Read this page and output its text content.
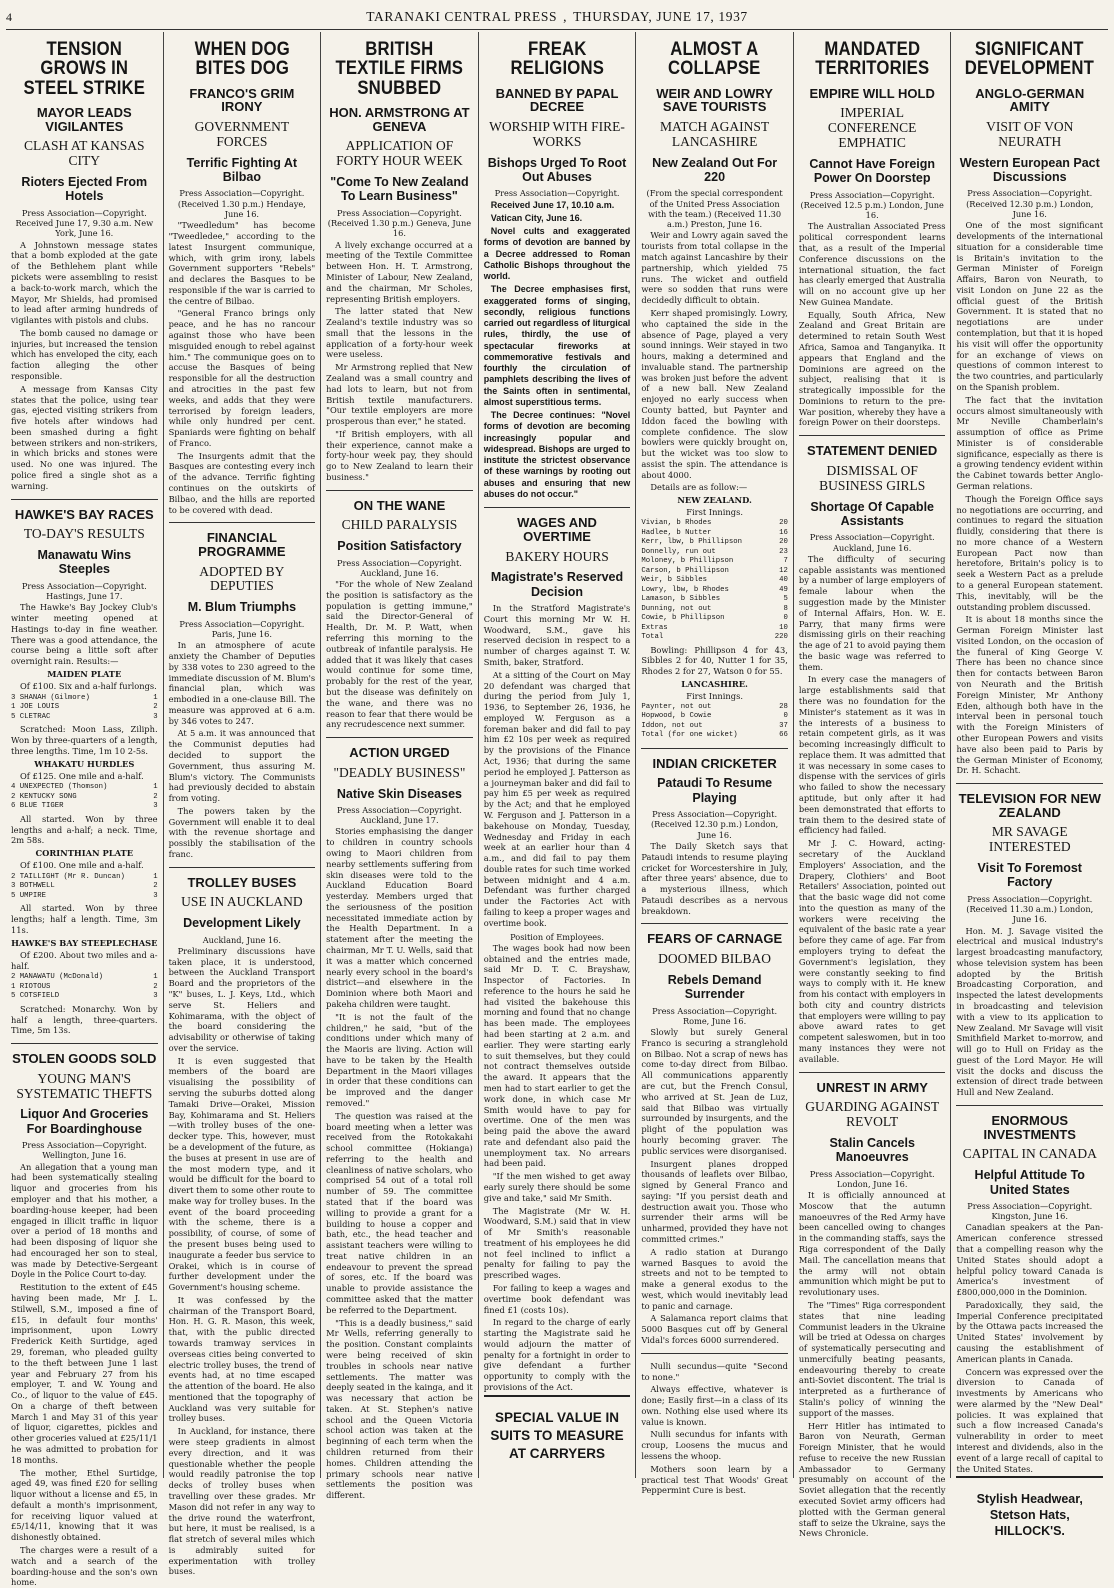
4	TARANAKI CENTRAL PRESS , THURSDAY, JUNE 17, 1937
TENSION GROWS IN STEEL STRIKE
MAYOR LEADS VIGILANTES
CLASH AT KANSAS CITY
Rioters Ejected From Hotels
Press Association—Copyright. Received June 17, 9.30 a.m. New York, June 16.

A Johnstown message states that a bomb exploded at the gate of the Bethlehem plant while pickets were assembling to resist a back-to-work march, which the Mayor, Mr Shields, had promised to lead after arming hundreds of vigilantes with pistols and clubs.

The bomb caused no damage or injuries, but increased the tension which has enveloped the city, each faction alleging the other responsible.

A message from Kansas City states that the police, using tear gas, ejected visiting strikers from five hotels after windows had been smashed during a fight between strikers and non-strikers, in which bricks and stones were used. No one was injured. The police fired a single shot as a warning.

HAWKE'S BAY RACES
TO-DAY'S RESULTS
Manawatu Wins Steeples
Press Association—Copyright. Hastings, June 17.

The Hawke's Bay Jockey Club's winter meeting opened at Hastings to-day in fine weather. There was a good attendance, the course being a little soft after overnight rain. Results:—

MAIDEN PLATE

Of £100. Six and a-half furlongs.

3 SHANAH (Gilmore)	1
1 JOE LOUIS	2
5 CLETRAC	3

Scratched: Moon Lass, Ziliph. Won by three-quarters of a length, three lengths. Time, 1m 10 2-5s.

WHAKATU HURDLES

Of £125. One mile and a-half.

4 UNEXPECTED (Thomson)	1
2 KENTUCKY SONG	2
6 BLUE TIGER	3

All started. Won by three lengths and a-half; a neck. Time, 2m 58s.

CORINTHIAN PLATE

Of £100. One mile and a-half.

2 TAILLIGHT (Mr R. Duncan)	1
3 BOTHWELL	2
5 UMPIRE	3

All started. Won by three lengths; half a length. Time, 3m 11s.

HAWKE'S BAY STEEPLECHASE

Of £200. About two miles and a-half.

2 MANAWATU (McDonald)	1
1 RIOTOUS	2
5 COTSFIELD	3

Scratched: Monarchy. Won by half a length, three-quarters. Time, 5m 13s.

STOLEN GOODS SOLD
YOUNG MAN'S SYSTEMATIC THEFTS
Liquor And Groceries For Boardinghouse
Press Association—Copyright. Wellington, June 16.

An allegation that a young man had been systematically stealing liquor and groceries from his employer and that his mother, a boarding-house keeper, had been engaged in illicit traffic in liquor over a period of 18 months and had been disposing of liquor she had encouraged her son to steal, was made by Detective-Sergeant Doyle in the Police Court to-day.

Restitution to the extent of £45 having been made, Mr J. L. Stilwell, S.M., imposed a fine of £15, in default four months' imprisonment, upon Lowry Frederick Keith Surtidge, aged 29, foreman, who pleaded guilty to the theft between June 1 last year and February 27 from his employer, T. and W. Young and Co., of liquor to the value of £45. On a charge of theft between March 1 and May 31 of this year of liquor, cigarettes, pickles and other groceries valued at £25/11/1 he was admitted to probation for 18 months.

The mother, Ethel Surtidge, aged 49, was fined £20 for selling liquor without a license and £5, in default a month's imprisonment, for receiving liquor valued at £5/14/11, knowing that it was dishonestly obtained.

The charges were a result of a watch and a search of the boarding-house and the son's own home.

WHEN DOG BITES DOG
FRANCO'S GRIM IRONY
GOVERNMENT FORCES
Terrific Fighting At Bilbao
Press Association—Copyright. (Received 1.30 p.m.) Hendaye, June 16.

"Tweedledum" has become "Tweedledee," according to the latest Insurgent communique, which, with grim irony, labels Government supporters "Rebels" and declares the Basques to be responsible if the war is carried to the centre of Bilbao.

"General Franco brings only peace, and he has no rancour against those who have been misguided enough to rebel against him." The communique goes on to accuse the Basques of being responsible for all the destruction and atrocities in the past few weeks, and adds that they were terrorised by foreign leaders, while only hundred per cent. Spaniards were fighting on behalf of Franco.

The Insurgents admit that the Basques are contesting every inch of the advance. Terrific fighting continues on the outskirts of Bilbao, and the hills are reported to be covered with dead.

FINANCIAL PROGRAMME
ADOPTED BY DEPUTIES
M. Blum Triumphs
Press Association—Copyright. Paris, June 16.

In an atmosphere of acute anxiety the Chamber of Deputies by 338 votes to 230 agreed to the immediate discussion of M. Blum's financial plan, which was embodied in a one-clause Bill. The measure was approved at 6 a.m. by 346 votes to 247.

At 5 a.m. it was announced that the Communist deputies had decided to support the Government, thus assuring M. Blum's victory. The Communists had previously decided to abstain from voting.

The powers taken by the Government will enable it to deal with the revenue shortage and possibly the stabilisation of the franc.

TROLLEY BUSES
USE IN AUCKLAND
Development Likely
Auckland, June 16.

Preliminary discussions have taken place, it is understood, between the Auckland Transport Board and the proprietors of the "K" buses, L. J. Keys, Ltd., which serve St. Heliers and Kohimarama, with the object of the board considering the advisability or otherwise of taking over the service.

It is even suggested that members of the board are visualising the possibility of serving the suburbs dotted along Tamaki Drive—Orakei, Mission Bay, Kohimarama and St. Heliers—with trolley buses of the one-decker type. This, however, must be a development of the future, as the buses at present in use are of the most modern type, and it would be difficult for the board to divert them to some other route to make way for trolley buses. In the event of the board proceeding with the scheme, there is a possibility, of course, of some of the present buses being used to inaugurate a feeder bus service to Orakei, which is in course of further development under the Government's housing scheme.

It was confessed by the chairman of the Transport Board, Hon. H. G. R. Mason, this week, that, with the public directed towards tramway services in overseas cities being converted to electric trolley buses, the trend of events had, at no time escaped the attention of the board. He also mentioned that the topography of Auckland was very suitable for trolley buses.

In Auckland, for instance, there were steep gradients in almost every direction, and it was questionable whether the people would readily patronise the top decks of trolley buses when travelling over these grades. Mr Mason did not refer in any way to the drive round the waterfront, but here, it must be realised, is a flat stretch of several miles which is admirably suited for experimentation with trolley buses.

BRITISH TEXTILE FIRMS SNUBBED
HON. ARMSTRONG AT GENEVA
APPLICATION OF FORTY HOUR WEEK
"Come To New Zealand To Learn Business"
Press Association—Copyright. (Received 1.30 p.m.) Geneva, June 16.

A lively exchange occurred at a meeting of the Textile Committee between Hon. H. T. Armstrong, Minister of Labour, New Zealand, and the chairman, Mr Scholes, representing British employers.

The latter stated that New Zealand's textile industry was so small that the lessons in the application of a forty-hour week were useless.

Mr Armstrong replied that New Zealand was a small country and had lots to learn, but not from British textile manufacturers. "Our textile employers are more prosperous than ever," he stated.

"If British employers, with all their experience, cannot make a forty-hour week pay, they should go to New Zealand to learn their business."

ON THE WANE
CHILD PARALYSIS
Position Satisfactory
Press Association—Copyright. Auckland, June 16.

"For the whole of New Zealand the position is satisfactory as the population is getting immune," said the Director-General of Health, Dr. M. P. Watt, when referring this morning to the outbreak of infantile paralysis. He added that it was likely that cases would continue for some time, probably for the rest of the year, but the disease was definitely on the wane, and there was no reason to fear that there would be any recrudescence next summer.

ACTION URGED
"DEADLY BUSINESS"
Native Skin Diseases
Press Association—Copyright. Auckland, June 17.

Stories emphasising the danger to children in country schools owing to Maori children from nearby settlements suffering from skin diseases were told to the Auckland Education Board yesterday. Members urged that the seriousness of the position necessitated immediate action by the Health Department. In a statement after the meeting the chairman, Mr T. U. Wells, said that it was a matter which concerned nearly every school in the board's district—and elsewhere in the Dominion where both Maori and pakeha children were taught.

"It is not the fault of the children," he said, "but of the conditions under which many of the Maoris are living. Action will have to be taken by the Health Department in the Maori villages in order that these conditions can be improved and the danger removed."

The question was raised at the board meeting when a letter was received from the Rotokakahi school committee (Hokianga) referring to the health and cleanliness of native scholars, who comprised 54 out of a total roll number of 59. The committee stated that if the board was willing to provide a grant for a building to house a copper and bath, etc., the head teacher and assistant teachers were willing to treat native children in an endeavour to prevent the spread of sores, etc. If the board was unable to provide assistance the committee asked that the matter be referred to the Department.

"This is a deadly business," said Mr Wells, referring generally to the position. Constant complaints were being received of skin troubles in schools near native settlements. The matter was deeply seated in the kainga, and it was necessary that action be taken. At St. Stephen's native school and the Queen Victoria school action was taken at the beginning of each term when the children returned from their homes. Children attending the primary schools near native settlements the position was different.

FREAK RELIGIONS
BANNED BY PAPAL DECREE
WORSHIP WITH FIRE-WORKS
Bishops Urged To Root Out Abuses
Press Association—Copyright.

Received June 17, 10.10 a.m.

Vatican City, June 16.

Novel cults and exaggerated forms of devotion are banned by a Decree addressed to Roman Catholic Bishops throughout the world.

The Decree emphasises first, exaggerated forms of singing, secondly, religious functions carried out regardless of liturgical rules, thirdly, the use of spectacular fireworks at commemorative festivals and fourthly the circulation of pamphlets describing the lives of the Saints often in sentimental, almost superstitious terms.

The Decree continues: "Novel forms of devotion are becoming increasingly popular and widespread. Bishops are urged to institute the strictest observance of these warnings by rooting out abuses and ensuring that new abuses do not occur."

WAGES AND OVERTIME
BAKERY HOURS
Magistrate's Reserved Decision

In the Stratford Magistrate's Court this morning Mr W. H. Woodward, S.M., gave his reserved decision in respect to a number of charges against T. W. Smith, baker, Stratford.

At a sitting of the Court on May 20 defendant was charged that during the period from July 1, 1936, to September 26, 1936, he employed W. Ferguson as a foreman baker and did fail to pay him £2 10s per week as required by the provisions of the Finance Act, 1936; that during the same period he employed J. Patterson as a journeyman baker and did fail to pay him £5 per week as required by the Act; and that he employed W. Ferguson and J. Patterson in a bakehouse on Monday, Tuesday, Wednesday and Friday in each week at an earlier hour than 4 a.m., and did fail to pay them double rates for such time worked between midnight and 4 a.m. Defendant was further charged under the Factories Act with failing to keep a proper wages and overtime book.

Position of Employees.

The wages book had now been obtained and the entries made, said Mr D. T. C. Brayshaw, Inspector of Factories. In reference to the hours he said he had visited the bakehouse this morning and found that no change has been made. The employees had been starting at 2 a.m. and earlier. They were starting early to suit themselves, but they could not contract themselves outside the award. It appears that the men had to start earlier to get the work done, in which case Mr Smith would have to pay for overtime. One of the men was being paid the above the award rate and defendant also paid the unemployment tax. No arrears had been paid.

"If the men wished to get away early surely there should be some give and take," said Mr Smith.

The Magistrate (Mr W. H. Woodward, S.M.) said that in view of Mr Smith's reasonable treatment of his employees he did not feel inclined to inflict a penalty for failing to pay the prescribed wages.

For failing to keep a wages and overtime book defendant was fined £1 (costs 10s).

In regard to the charge of early starting the Magistrate said he would adjourn the matter of penalty for a fortnight in order to give defendant a further opportunity to comply with the provisions of the Act.

SPECIAL VALUE IN SUITS TO MEASURE AT CARRYERS
ALMOST A COLLAPSE
WEIR AND LOWRY SAVE TOURISTS
MATCH AGAINST LANCASHIRE
New Zealand Out For 220
(From the special correspondent of the United Press Association with the team.) (Received 11.30 a.m.) Preston, June 16.

Weir and Lowry again saved the tourists from total collapse in the match against Lancashire by their partnership, which yielded 75 runs. The wicket and outfield were so sodden that runs were decidedly difficult to obtain.

Kerr shaped promisingly. Lowry, who captained the side in the absence of Page, played a very sound innings. Weir stayed in two hours, making a determined and invaluable stand. The partnership was broken just before the advent of a new ball. New Zealand enjoyed no early success when County batted, but Paynter and Iddon faced the bowling with complete confidence. The slow bowlers were quickly brought on, but the wicket was too slow to assist the spin. The attendance is about 4000.

Details are as follow:—

NEW ZEALAND.
First Innings.
Vivian, b Rhodes	20
Hadlee, b Nutter	16
Kerr, lbw, b Phillipson	20
Donnelly, run out	23
Moloney, b Phillipson	7
Carson, b Phillipson	12
Weir, b Sibbles	40
Lowry, lbw, b Rhodes	49
Lamason, b Sibbles	5
Dunning, not out	8
Cowie, b Phillipson	0
Extras	10
Total	220

Bowling: Phillipson 4 for 43, Sibbles 2 for 40, Nutter 1 for 35, Rhodes 2 for 27, Watson 0 for 55.

LANCASHIRE.
First Innings.
Paynter, not out	28
Hopwood, b Cowie	0
Iddon, not out	37
Total (for one wicket)	66
INDIAN CRICKETER
Pataudi To Resume Playing
Press Association—Copyright. (Received 12.30 p.m.) London, June 16.

The Daily Sketch says that Pataudi intends to resume playing cricket for Worcestershire in July, after three years' absence, due to a mysterious illness, which Pataudi describes as a nervous breakdown.

FEARS OF CARNAGE
DOOMED BILBAO
Rebels Demand Surrender
Press Association—Copyright. Rome, June 16.

Slowly but surely General Franco is securing a stranglehold on Bilbao. Not a scrap of news has come to-day direct from Bilbao. All communications apparently are cut, but the French Consul, who arrived at St. Jean de Luz, said that Bilbao was virtually surrounded by insurgents, and the plight of the population was hourly becoming graver. The public services were disorganised.

Insurgent planes dropped thousands of leaflets over Bilbao, signed by General Franco and saying: "If you persist death and destruction await you. Those who surrender their arms will be unharmed, provided they have not committed crimes."

A radio station at Durango warned Basques to avoid the streets and not to be tempted to make a general exodus to the west, which would inevitably lead to panic and carnage.

A Salamanca report claims that 5000 Basques cut off by General Vidal's forces 6000 surrendered.

Nulli secundus—quite "Second to none."

Always effective, whatever is done; Easily first—in a class of its own. Nothing else used where its value is known.

Nulli secundus for infants with croup, Loosens the mucus and lessens the whoop.

Mothers soon learn by a practical test That Woods' Great Peppermint Cure is best.

MANDATED TERRITORIES
EMPIRE WILL HOLD
IMPERIAL CONFERENCE EMPHATIC
Cannot Have Foreign Power On Doorstep
Press Association—Copyright. (Received 12.5 p.m.) London, June 16.

The Australian Associated Press political correspondent learns that, as a result of the Imperial Conference discussions on the international situation, the fact has clearly emerged that Australia will on no account give up her New Guinea Mandate.

Equally, South Africa, New Zealand and Great Britain are determined to retain South West Africa, Samoa and Tanganyika. It appears that England and the Dominions are agreed on the subject, realising that it is strategically impossible for the Dominions to return to the pre-War position, whereby they have a foreign Power on their doorsteps.

STATEMENT DENIED
DISMISSAL OF BUSINESS GIRLS
Shortage Of Capable Assistants
Press Association—Copyright. Auckland, June 16.

The difficulty of securing capable assistants was mentioned by a number of large employers of female labour when the suggestion made by the Minister of Internal Affairs, Hon. W. E. Parry, that many firms were dismissing girls on their reaching the age of 21 to avoid paying them the basic wage was referred to them.

In every case the managers of large establishments said that there was no foundation for the Minister's statement as it was in the interests of a business to retain competent girls, as it was becoming increasingly difficult to replace them. It was admitted that it was necessary in some cases to dispense with the services of girls who failed to show the necessary aptitude, but only after it had been demonstrated that efforts to train them to the desired state of efficiency had failed.

Mr J. C. Howard, acting-secretary of the Auckland Employers' Association, and the Drapery, Clothiers' and Boot Retailers' Association, pointed out that the basic wage did not come into the question as many of the workers were receiving the equivalent of the basic rate a year before they came of age. Far from employers trying to defeat the Government's legislation, they were constantly seeking to find ways to comply with it. He knew from his contact with employers in both city and country districts that employers were willing to pay above award rates to get competent saleswomen, but in too many instances they were not available.

UNREST IN ARMY
GUARDING AGAINST REVOLT
Stalin Cancels Manoeuvres
Press Association—Copyright. London, June 16.

It is officially announced at Moscow that the autumn manoeuvres of the Red Army have been cancelled owing to changes in the commanding staffs, says the Riga correspondent of the Daily Mail. The cancellation means that the army will not obtain ammunition which might be put to revolutionary uses.

The "Times" Riga correspondent states that nine leading Communist leaders in the Ukraine will be tried at Odessa on charges of systematically persecuting and unmercifully beating peasants, endeavouring thereby to create anti-Soviet discontent. The trial is interpreted as a furtherance of Stalin's policy of winning the support of the masses.

Herr Hitler has intimated to Baron von Neurath, German Foreign Minister, that he would refuse to receive the new Russian Ambassador to Germany presumably on account of the Soviet allegation that the recently executed Soviet army officers had plotted with the German general staff to seize the Ukraine, says the News Chronicle.

SIGNIFICANT DEVELOPMENT
ANGLO-GERMAN AMITY
VISIT OF VON NEURATH
Western European Pact Discussions
Press Association—Copyright. (Received 12.30 p.m.) London, June 16.

One of the most significant developments of the international situation for a considerable time is Britain's invitation to the German Minister of Foreign Affairs, Baron von Neurath, to visit London on June 22 as the official guest of the British Government. It is stated that no negotiations are under contemplation, but that it is hoped his visit will offer the opportunity for an exchange of views on questions of common interest to the two countries, and particularly on the Spanish problem.

The fact that the invitation occurs almost simultaneously with Mr Neville Chamberlain's assumption of office as Prime Minister is of considerable significance, especially as there is a growing tendency evident within the Cabinet towards better Anglo-German relations.

Though the Foreign Office says no negotiations are occurring, and continues to regard the situation fluidly, considering that there is no more chance of a Western European Pact now than heretofore, Britain's policy is to seek a Western Pact as a prelude to a general European statement. This, inevitably, will be the outstanding problem discussed.

It is about 18 months since the German Foreign Minister last visited London, on the occasion of the funeral of King George V. There has been no chance since then for contacts between Baron von Neurath and the British Foreign Minister, Mr Anthony Eden, although both have in the interval been in personal touch with the Foreign Ministers of other European Powers and visits have also been paid to Paris by the German Minister of Economy, Dr. H. Schacht.

TELEVISION FOR NEW ZEALAND
MR SAVAGE INTERESTED
Visit To Foremost Factory
Press Association—Copyright. (Received 11.30 a.m.) London, June 16.

Hon. M. J. Savage visited the electrical and musical industry's largest broadcasting manufactory, whose television system has been adopted by the British Broadcasting Corporation, and inspected the latest developments in broadcasting and television with a view to its application to New Zealand. Mr Savage will visit Smithfield Market to-morrow, and will go to Hull on Friday as the guest of the Lord Mayor. He will visit the docks and discuss the extension of direct trade between Hull and New Zealand.

ENORMOUS INVESTMENTS
CAPITAL IN CANADA
Helpful Attitude To United States
Press Association—Copyright. Kingston, June 16.

Canadian speakers at the Pan-American conference stressed that a compelling reason why the United States should adopt a helpful policy toward Canada is America's investment of £800,000,000 in the Dominion.

Paradoxically, they said, the Imperial Conference precipitated by the Ottawa pacts increased the United States' involvement by causing the establishment of American plants in Canada.

Concern was expressed over the diversion to Canada of investments by Americans who were alarmed by the "New Deal" policies. It was explained that such a flow increased Canada's vulnerability in order to meet interest and dividends, also in the event of a large recall of capital to the United States.

Stylish Headwear, Stetson Hats, HILLOCK'S.
